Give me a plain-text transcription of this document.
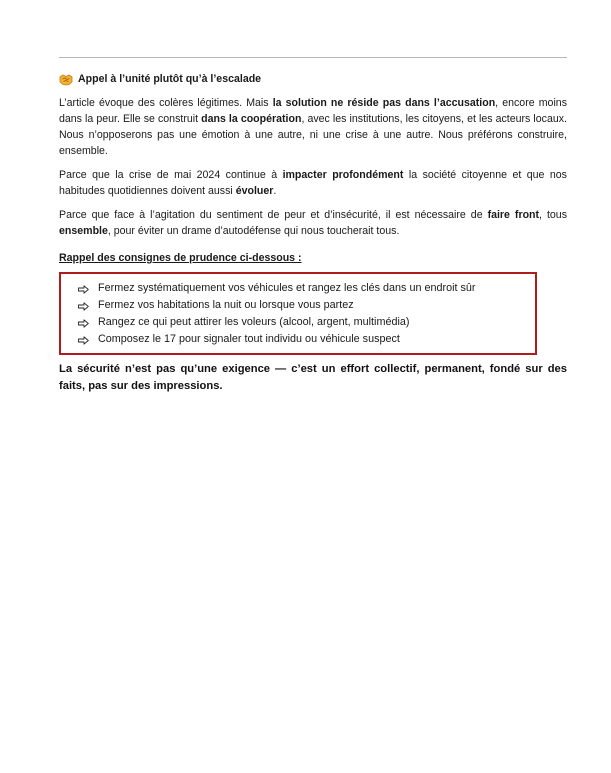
Appel à l’unité plutôt qu’à l’escalade

L’article évoque des colères légitimes. Mais la solution ne réside pas dans l’accusation, encore moins dans la peur. Elle se construit dans la coopération, avec les institutions, les citoyens, et les acteurs locaux. Nous n’opposerons pas une émotion à une autre, ni une crise à une autre. Nous préférons construire, ensemble.

Parce que la crise de mai 2024 continue à impacter profondément la société citoyenne et que nos habitudes quotidiennes doivent aussi évoluer.

Parce que face à l’agitation du sentiment de peur et d’insécurité, il est nécessaire de faire front, tous ensemble, pour éviter un drame d’autodéfense qui nous toucherait tous.

Rappel des consignes de prudence ci-dessous :
Fermez systématiquement vos véhicules et rangez les clés dans un endroit sûr
Fermez vos habitations la nuit ou lorsque vous partez
Rangez ce qui peut attirer les voleurs (alcool, argent, multimédia)
Composez le 17 pour signaler tout individu ou véhicule suspect
La sécurité n’est pas qu’une exigence — c’est un effort collectif, permanent, fondé sur des faits, pas sur des impressions.
